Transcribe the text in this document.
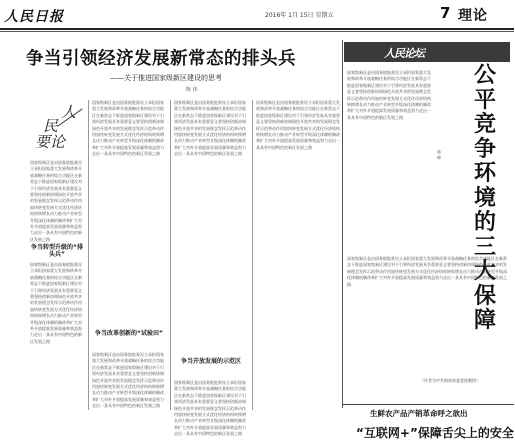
人民日报	2016年 1月 15日 星期五	7 理论
争当引领经济发展新常态的排头兵
——关于推进国家级新区建设的思考
陈 伟
人
民
要论
国家级新区是由国务院批准设立承担国家重大发展和改革开放战略任务的综合功能区在新常态下推进国家级新区建设对于引领经济发展具有重要意义要坚持创新协调绿色开放共享的发展理念发挥示范带动作用加快转变发展方式优化经济结构转换增长动力推动产业转型升级深化体制机制改革扩大对外开放提高发展质量和效益努力走出一条具有中国特色的新区发展之路
争当转型升级的“排头兵”
国家级新区是由国务院批准设立承担国家重大发展和改革开放战略任务的综合功能区在新常态下推进国家级新区建设对于引领经济发展具有重要意义要坚持创新协调绿色开放共享的发展理念发挥示范带动作用加快转变发展方式优化经济结构转换增长动力推动产业转型升级深化体制机制改革扩大对外开放提高发展质量和效益努力走出一条具有中国特色的新区发展之路
国家级新区是由国务院批准设立承担国家重大发展和改革开放战略任务的综合功能区在新常态下推进国家级新区建设对于引领经济发展具有重要意义要坚持创新协调绿色开放共享的发展理念发挥示范带动作用加快转变发展方式优化经济结构转换增长动力推动产业转型升级深化体制机制改革扩大对外开放提高发展质量和效益努力走出一条具有中国特色的新区发展之路
争当改革创新的“试验田”
国家级新区是由国务院批准设立承担国家重大发展和改革开放战略任务的综合功能区在新常态下推进国家级新区建设对于引领经济发展具有重要意义要坚持创新协调绿色开放共享的发展理念发挥示范带动作用加快转变发展方式优化经济结构转换增长动力推动产业转型升级深化体制机制改革扩大对外开放提高发展质量和效益努力走出一条具有中国特色的新区发展之路
国家级新区是由国务院批准设立承担国家重大发展和改革开放战略任务的综合功能区在新常态下推进国家级新区建设对于引领经济发展具有重要意义要坚持创新协调绿色开放共享的发展理念发挥示范带动作用加快转变发展方式优化经济结构转换增长动力推动产业转型升级深化体制机制改革扩大对外开放提高发展质量和效益努力走出一条具有中国特色的新区发展之路
争当开放发展的示范区
国家级新区是由国务院批准设立承担国家重大发展和改革开放战略任务的综合功能区在新常态下推进国家级新区建设对于引领经济发展具有重要意义要坚持创新协调绿色开放共享的发展理念发挥示范带动作用加快转变发展方式优化经济结构转换增长动力推动产业转型升级深化体制机制改革扩大对外开放提高发展质量和效益努力走出一条具有中国特色的新区发展之路
国家级新区是由国务院批准设立承担国家重大发展和改革开放战略任务的综合功能区在新常态下推进国家级新区建设对于引领经济发展具有重要意义要坚持创新协调绿色开放共享的发展理念发挥示范带动作用加快转变发展方式优化经济结构转换增长动力推动产业转型升级深化体制机制改革扩大对外开放提高发展质量和效益努力走出一条具有中国特色的新区发展之路
人民论坛
公平竞争环境的三大保障
韩 峰
国家级新区是由国务院批准设立承担国家重大发展和改革开放战略任务的综合功能区在新常态下推进国家级新区建设对于引领经济发展具有重要意义要坚持创新协调绿色开放共享的发展理念发挥示范带动作用加快转变发展方式优化经济结构转换增长动力推动产业转型升级深化体制机制改革扩大对外开放提高发展质量和效益努力走出一条具有中国特色的新区发展之路
国家级新区是由国务院批准设立承担国家重大发展和改革开放战略任务的综合功能区在新常态下推进国家级新区建设对于引领经济发展具有重要意义要坚持创新协调绿色开放共享的发展理念发挥示范带动作用加快转变发展方式优化经济结构转换增长动力推动产业转型升级深化体制机制改革扩大对外开放提高发展质量和效益努力走出一条具有中国特色的新区发展之路
（作者为中共海南省委党校教授）
生鲜农产品产销革命呼之欲出
“互联网+”保障舌尖上的安全
